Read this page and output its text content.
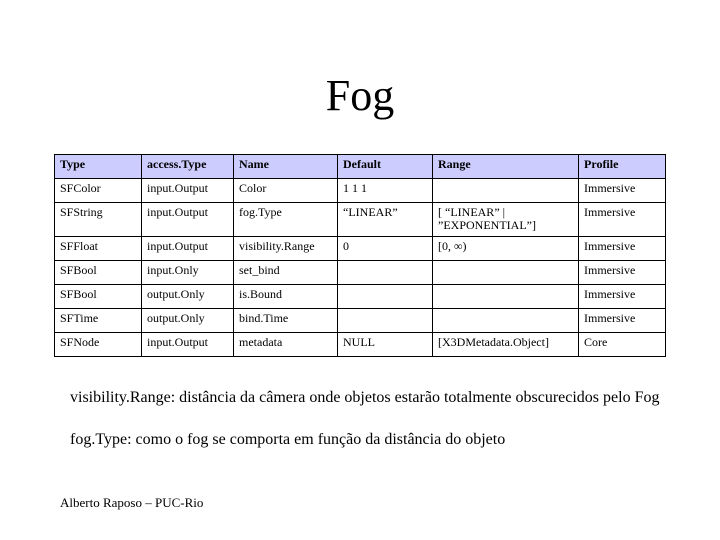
Fog
Type	access.Type	Name	Default	Range	Profile
SFColor	input.Output	Color	1 1 1		Immersive
SFString	input.Output	fog.Type	“LINEAR”	[ “LINEAR” | ”EXPONENTIAL”]	Immersive
SFFloat	input.Output	visibility.Range	0	[0, ∞)	Immersive
SFBool	input.Only	set_bind			Immersive
SFBool	output.Only	is.Bound			Immersive
SFTime	output.Only	bind.Time			Immersive
SFNode	input.Output	metadata	NULL	[X3DMetadata.Object]	Core

visibility.Range: distância da câmera onde objetos estarão totalmente obscurecidos pelo Fog

fog.Type: como o fog se comporta em função da distância do objeto

Alberto Raposo – PUC-Rio
